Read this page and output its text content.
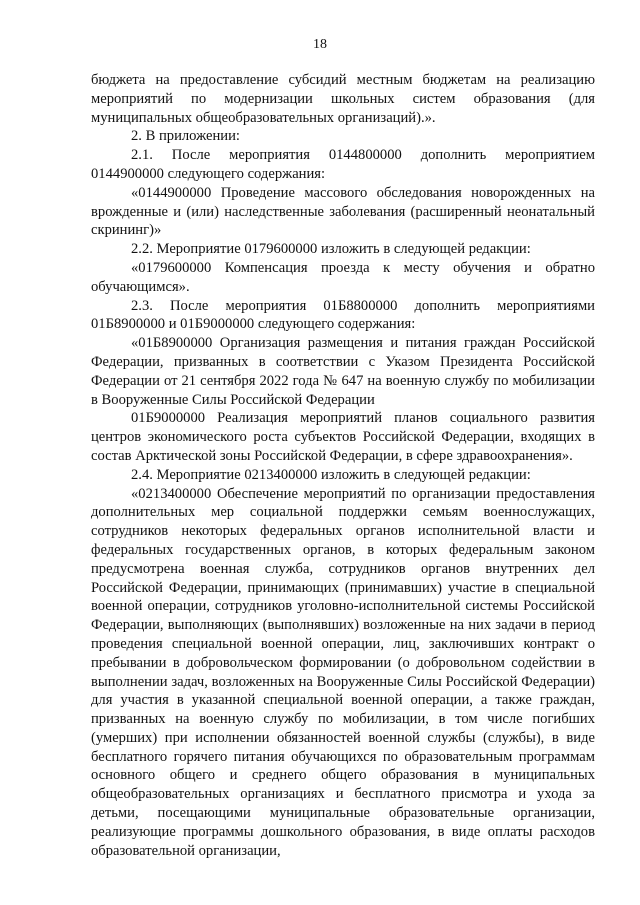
18

бюджета на предоставление субсидий местным бюджетам на реализацию мероприятий по модернизации школьных систем образования (для муниципальных общеобразовательных организаций).».

2. В приложении:

2.1. После мероприятия 0144800000 дополнить мероприятием 0144900000 следующего содержания:

«0144900000 Проведение массового обследования новорожденных на врожденные и (или) наследственные заболевания (расширенный неонатальный скрининг)»

2.2. Мероприятие 0179600000 изложить в следующей редакции:

«0179600000 Компенсация проезда к месту обучения и обратно обучающимся».

2.3. После мероприятия 01Б8800000 дополнить мероприятиями 01Б8900000 и 01Б9000000 следующего содержания:

«01Б8900000 Организация размещения и питания граждан Российской Федерации, призванных в соответствии с Указом Президента Российской Федерации от 21 сентября 2022 года № 647 на военную службу по мобилизации в Вооруженные Силы Российской Федерации

01Б9000000 Реализация мероприятий планов социального развития центров экономического роста субъектов Российской Федерации, входящих в состав Арктической зоны Российской Федерации, в сфере здравоохранения».

2.4. Мероприятие 0213400000 изложить в следующей редакции:

«0213400000 Обеспечение мероприятий по организации предоставления дополнительных мер социальной поддержки семьям военнослужащих, сотрудников некоторых федеральных органов исполнительной власти и федеральных государственных органов, в которых федеральным законом предусмотрена военная служба, сотрудников органов внутренних дел Российской Федерации, принимающих (принимавших) участие в специальной военной операции, сотрудников уголовно-исполнительной системы Российской Федерации, выполняющих (выполнявших) возложенные на них задачи в период проведения специальной военной операции, лиц, заключивших контракт о пребывании в добровольческом формировании (о добровольном содействии в выполнении задач, возложенных на Вооруженные Силы Российской Федерации) для участия в указанной специальной военной операции, а также граждан, призванных на военную службу по мобилизации, в том числе погибших (умерших) при исполнении обязанностей военной службы (службы), в виде бесплатного горячего питания обучающихся по образовательным программам основного общего и среднего общего образования в муниципальных общеобразовательных организациях и бесплатного присмотра и ухода за детьми, посещающими муниципальные образовательные организации, реализующие программы дошкольного образования, в виде оплаты расходов образовательной организации,
